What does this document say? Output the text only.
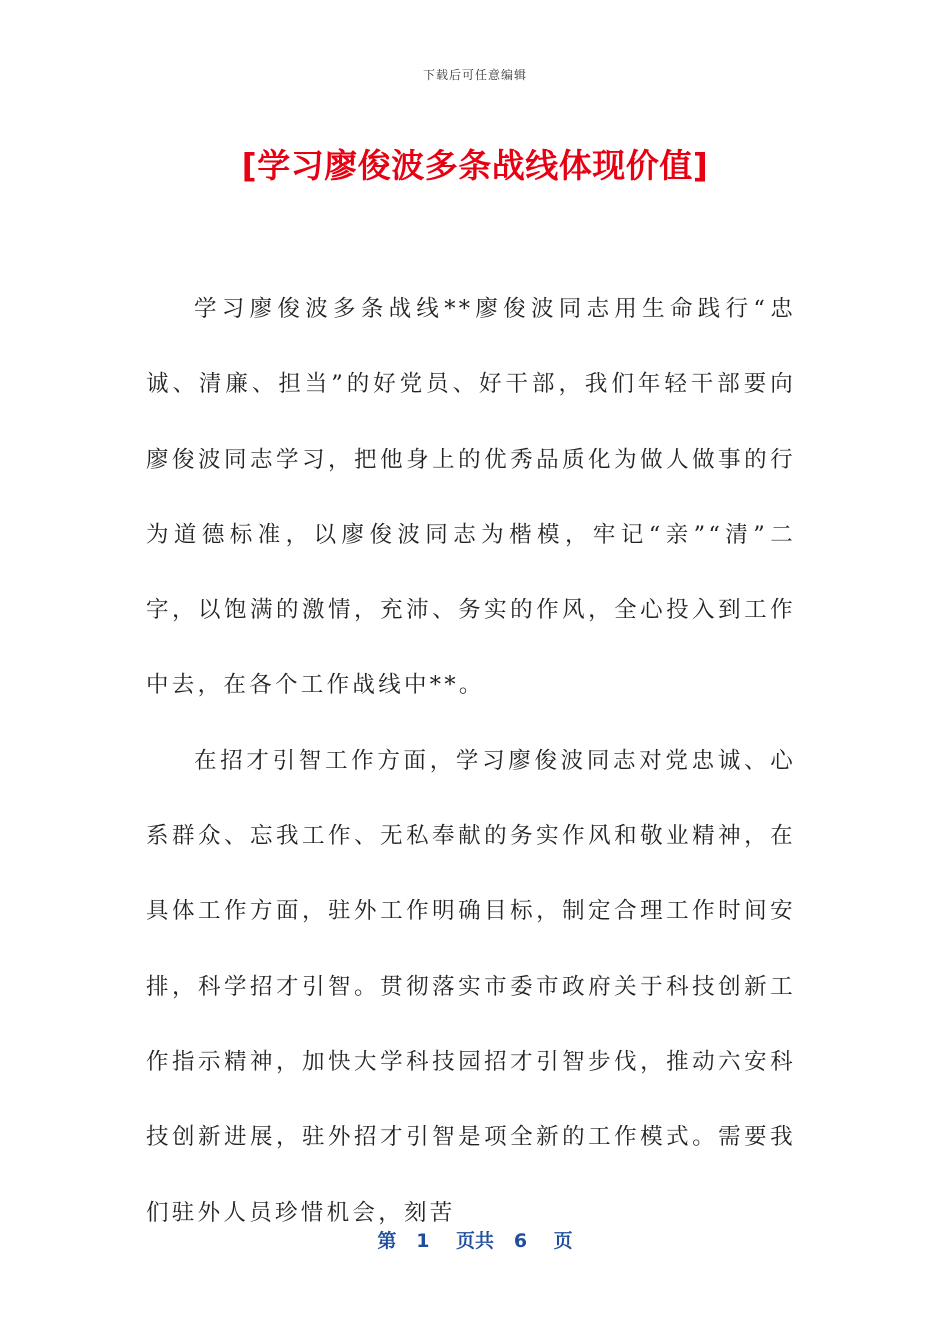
下载后可任意编辑
[学习廖俊波多条战线体现价值]

学习廖俊波多条战线**廖俊波同志用生命践行“忠诚、清廉、担当”的好党员、好干部，我们年轻干部要向廖俊波同志学习，把他身上的优秀品质化为做人做事的行为道德标准，以廖俊波同志为楷模，牢记“亲”“清”二字，以饱满的激情，充沛、务实的作风，全心投入到工作中去，在各个工作战线中**。

在招才引智工作方面，学习廖俊波同志对党忠诚、心系群众、忘我工作、无私奉献的务实作风和敬业精神，在具体工作方面，驻外工作明确目标，制定合理工作时间安排，科学招才引智。贯彻落实市委市政府关于科技创新工作指示精神，加快大学科技园招才引智步伐，推动六安科技创新进展，驻外招才引智是项全新的工作模式。需要我们驻外人员珍惜机会，刻苦

第 1 页共 6 页
